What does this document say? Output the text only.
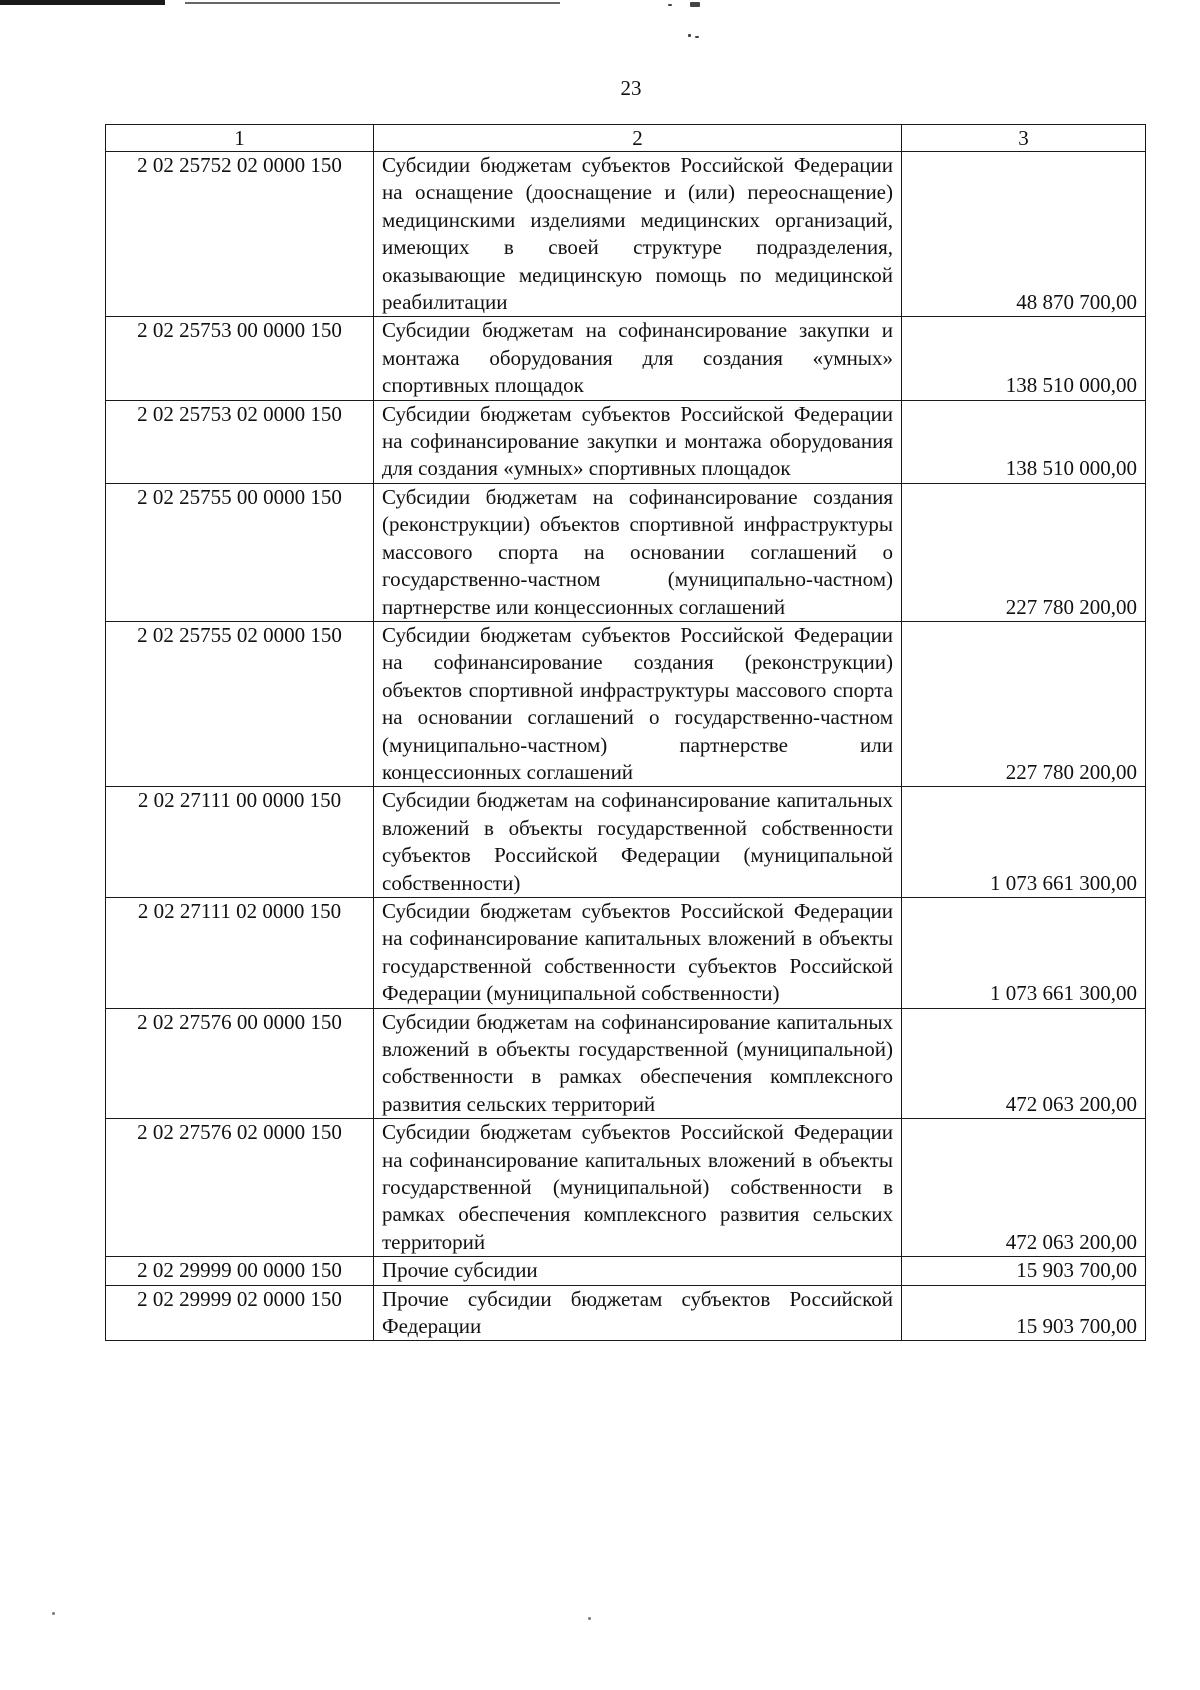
23
1	2	3
2 02 25752 02 0000 150	Субсидии бюджетам субъектов Российской Федерации на оснащение (дооснащение и (или) переоснащение) медицинскими изделиями медицинских организаций, имеющих в своей структуре подразделения, оказывающие медицинскую помощь по медицинской реабилитации	48 870 700,00
2 02 25753 00 0000 150	Субсидии бюджетам на софинансирование закупки и монтажа оборудования для создания «умных» спортивных площадок	138 510 000,00
2 02 25753 02 0000 150	Субсидии бюджетам субъектов Российской Федерации на софинансирование закупки и монтажа оборудования для создания «умных» спортивных площадок	138 510 000,00
2 02 25755 00 0000 150	Субсидии бюджетам на софинансирование создания (реконструкции) объектов спортивной инфраструктуры массового спорта на основании соглашений о государственно-частном (муниципально-частном) партнерстве или концессионных соглашений	227 780 200,00
2 02 25755 02 0000 150	Субсидии бюджетам субъектов Российской Федерации на софинансирование создания (реконструкции) объектов спортивной инфраструктуры массового спорта на основании соглашений о государственно-частном (муниципально-частном) партнерстве или концессионных соглашений	227 780 200,00
2 02 27111 00 0000 150	Субсидии бюджетам на софинансирование капитальных вложений в объекты государственной собственности субъектов Российской Федерации (муниципальной собственности)	1 073 661 300,00
2 02 27111 02 0000 150	Субсидии бюджетам субъектов Российской Федерации на софинансирование капитальных вложений в объекты государственной собственности субъектов Российской Федерации (муниципальной собственности)	1 073 661 300,00
2 02 27576 00 0000 150	Субсидии бюджетам на софинансирование капитальных вложений в объекты государственной (муниципальной) собственности в рамках обеспечения комплексного развития сельских территорий	472 063 200,00
2 02 27576 02 0000 150	Субсидии бюджетам субъектов Российской Федерации на софинансирование капитальных вложений в объекты государственной (муниципальной) собственности в рамках обеспечения комплексного развития сельских территорий	472 063 200,00
2 02 29999 00 0000 150	Прочие субсидии	15 903 700,00
2 02 29999 02 0000 150	Прочие субсидии бюджетам субъектов Российской Федерации	15 903 700,00
